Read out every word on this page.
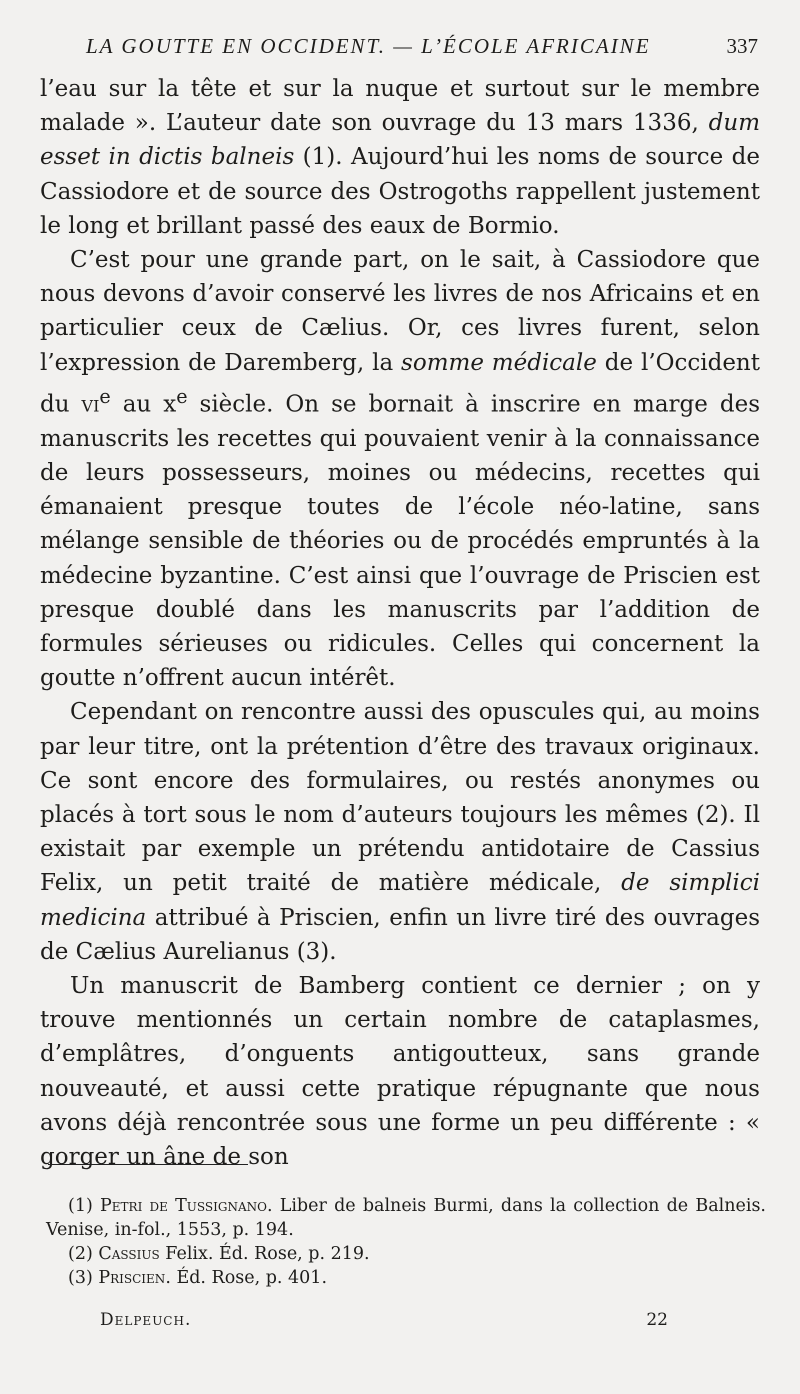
LA GOUTTE EN OCCIDENT. — L’ÉCOLE AFRICAINE	337

l’eau sur la tête et sur la nuque et surtout sur le membre malade ». L’auteur date son ouvrage du 13 mars 1336, dum esset in dictis balneis (1). Aujourd’hui les noms de source de Cassiodore et de source des Ostrogoths rappellent justement le long et brillant passé des eaux de Bormio.

C’est pour une grande part, on le sait, à Cassiodore que nous devons d’avoir conservé les livres de nos Africains et en particulier ceux de Cælius. Or, ces livres furent, selon l’expression de Daremberg, la somme médicale de l’Occident du $vi^e$ au $x^e$ siècle. On se bornait à inscrire en marge des manuscrits les recettes qui pouvaient venir à la connaissance de leurs possesseurs, moines ou médecins, recettes qui émanaient presque toutes de l’école néo-latine, sans mélange sensible de théories ou de procédés empruntés à la médecine byzantine. C’est ainsi que l’ouvrage de Priscien est presque doublé dans les manuscrits par l’addition de formules sérieuses ou ridicules. Celles qui concernent la goutte n’offrent aucun intérêt.

Cependant on rencontre aussi des opuscules qui, au moins par leur titre, ont la prétention d’être des travaux originaux. Ce sont encore des formulaires, ou restés anonymes ou placés à tort sous le nom d’auteurs toujours les mêmes (2). Il existait par exemple un prétendu antidotaire de Cassius Felix, un petit traité de matière médicale, de simplici medicina attribué à Priscien, enfin un livre tiré des ouvrages de Cælius Aurelianus (3).

Un manuscrit de Bamberg contient ce dernier ; on y trouve mentionnés un certain nombre de cataplasmes, d’emplâtres, d’onguents antigoutteux, sans grande nouveauté, et aussi cette pratique répugnante que nous avons déjà rencontrée sous une forme un peu différente : « gorger un âne de son

(1) Petri de Tussignano. Liber de balneis Burmi, dans la collection de Balneis. Venise, in-fol., 1553, p. 194.

(2) Cassius Felix. Éd. Rose, p. 219.

(3) Priscien. Éd. Rose, p. 401.

Delpeuch.	22
